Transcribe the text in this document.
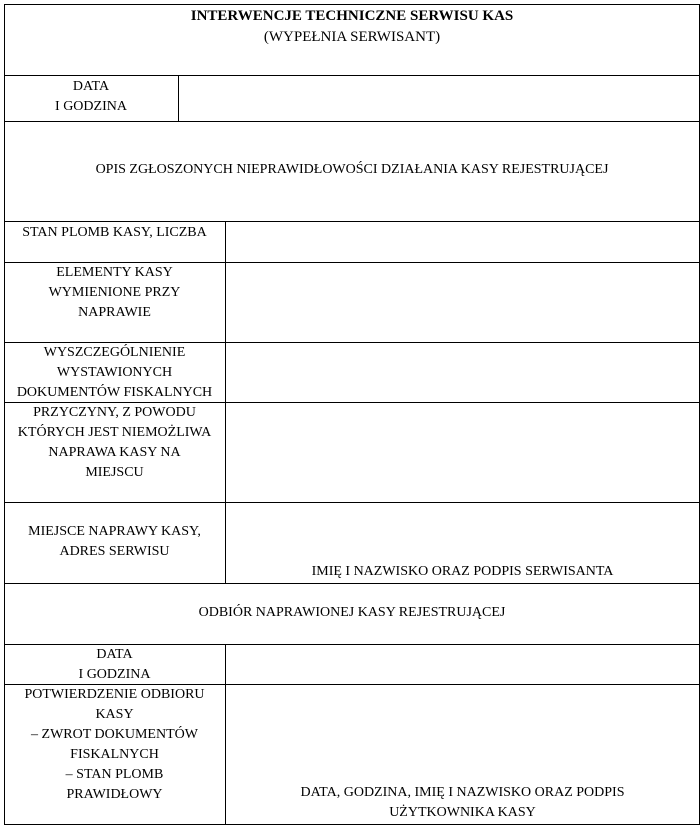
INTERWENCJE TECHNICZNE SERWISU KAS
(WYPEŁNIA SERWISANT)
DATA
I GODZINA
OPIS ZGŁOSZONYCH NIEPRAWIDŁOWOŚCI DZIAŁANIA KASY REJESTRUJĄCEJ
STAN PLOMB KASY, LICZBA
ELEMENTY KASY
WYMIENIONE PRZY
NAPRAWIE
WYSZCZEGÓLNIENIE
WYSTAWIONYCH
DOKUMENTÓW FISKALNYCH
PRZYCZYNY, Z POWODU
KTÓRYCH JEST NIEMOŻLIWA
NAPRAWA KASY NA
MIEJSCU
MIEJSCE NAPRAWY KASY,
ADRES SERWISU
IMIĘ I NAZWISKO ORAZ PODPIS SERWISANTA
ODBIÓR NAPRAWIONEJ KASY REJESTRUJĄCEJ
DATA
I GODZINA
POTWIERDZENIE ODBIORU
KASY
– ZWROT DOKUMENTÓW
FISKALNYCH
– STAN PLOMB
PRAWIDŁOWY	DATA, GODZINA, IMIĘ I NAZWISKO ORAZ PODPIS
UŻYTKOWNIKA KASY
